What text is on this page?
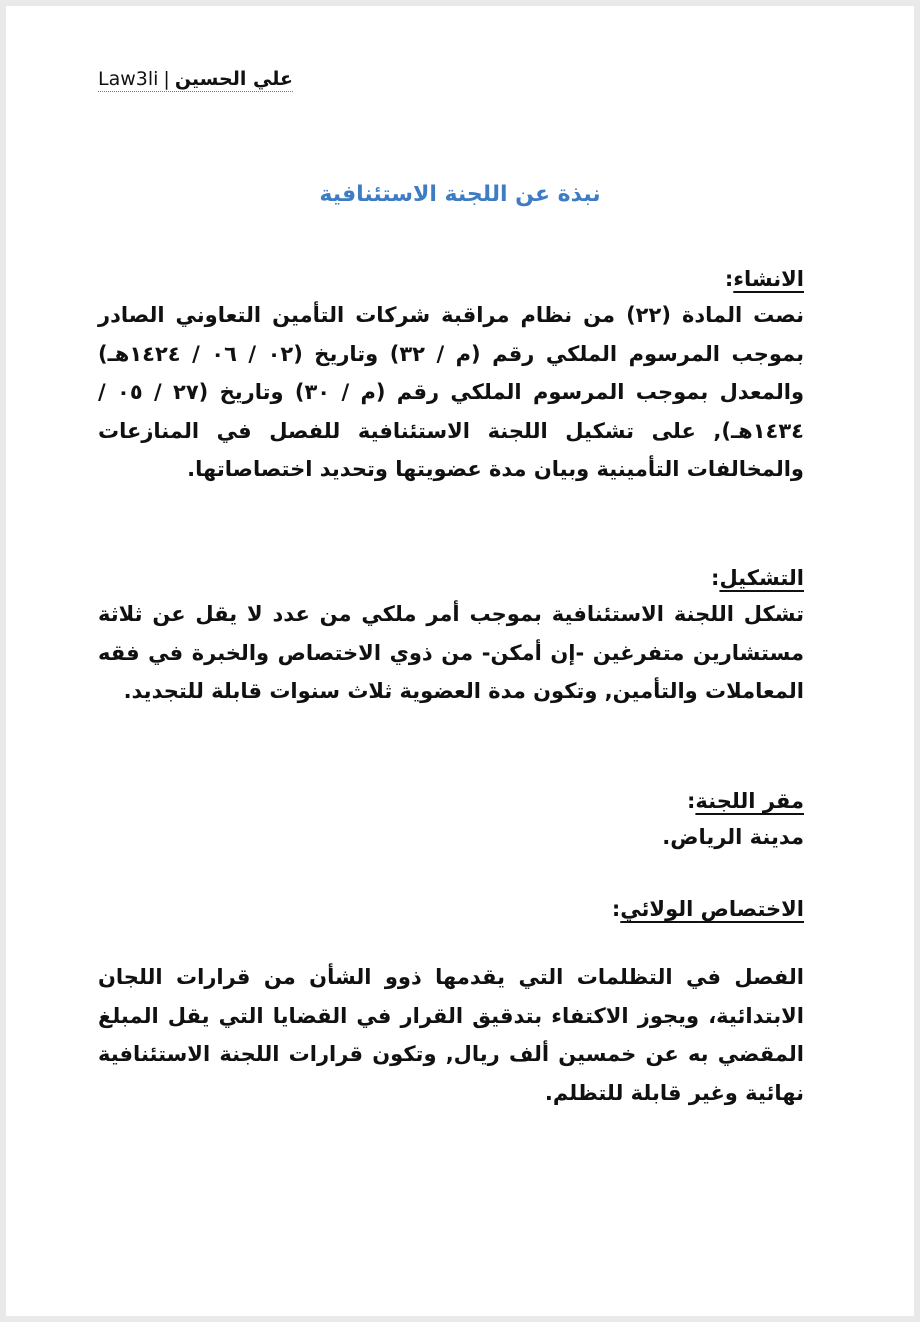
Law3li | علي الحسين
نبذة عن اللجنة الاستئنافية
الانشاء:
نصت المادة (٢٢) من نظام مراقبة شركات التأمين التعاوني الصادر بموجب المرسوم الملكي رقم (م / ٣٢) وتاريخ (٠٢ / ٠٦ / ١٤٢٤هـ) والمعدل بموجب المرسوم الملكي رقم (م / ٣٠) وتاريخ (٢٧ / ٠٥ / ١٤٣٤هـ), على تشكيل اللجنة الاستئنافية للفصل في المنازعات والمخالفات التأمينية وبيان مدة عضويتها وتحديد اختصاصاتها.
التشكيل:
تشكل اللجنة الاستئنافية بموجب أمر ملكي من عدد لا يقل عن ثلاثة مستشارين متفرغين -إن أمكن- من ذوي الاختصاص والخبرة في فقه المعاملات والتأمين, وتكون مدة العضوية ثلاث سنوات قابلة للتجديد.
مقر اللجنة:
مدينة الرياض.
الاختصاص الولائي:
الفصل في التظلمات التي يقدمها ذوو الشأن من قرارات اللجان الابتدائية، ويجوز الاكتفاء بتدقيق القرار في القضايا التي يقل المبلغ المقضي به عن خمسين ألف ريال, وتكون قرارات اللجنة الاستئنافية نهائية وغير قابلة للتظلم.
